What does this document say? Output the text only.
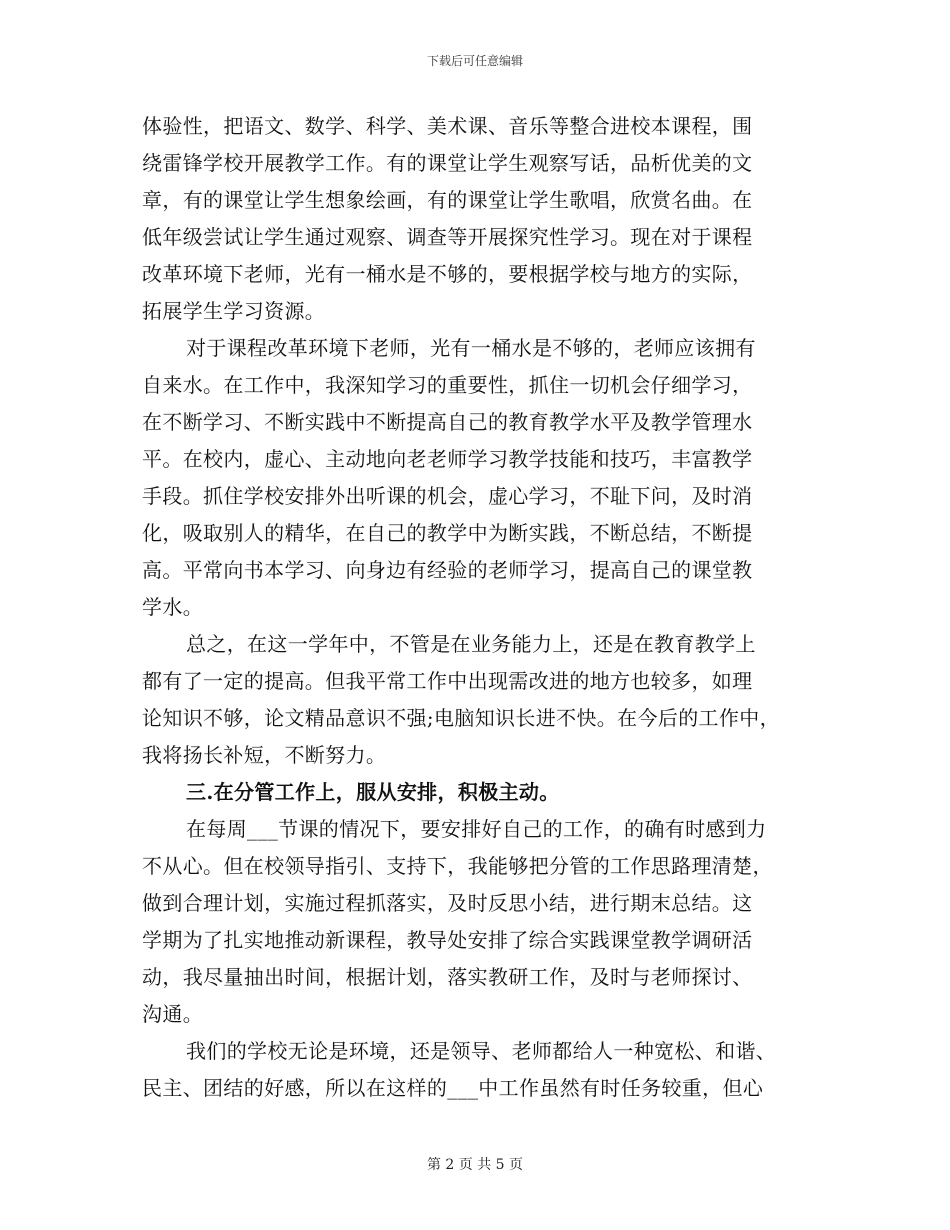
下载后可任意编辑
体验性，把语文、数学、科学、美术课、音乐等整合进校本课程，围
绕雷锋学校开展教学工作。有的课堂让学生观察写话，品析优美的文
章，有的课堂让学生想象绘画，有的课堂让学生歌唱，欣赏名曲。在
低年级尝试让学生通过观察、调查等开展探究性学习。现在对于课程
改革环境下老师，光有一桶水是不够的，要根据学校与地方的实际，
拓展学生学习资源。
对于课程改革环境下老师，光有一桶水是不够的，老师应该拥有
自来水。在工作中，我深知学习的重要性，抓住一切机会仔细学习，
在不断学习、不断实践中不断提高自己的教育教学水平及教学管理水
平。在校内，虚心、主动地向老老师学习教学技能和技巧，丰富教学
手段。抓住学校安排外出听课的机会，虚心学习，不耻下问，及时消
化，吸取别人的精华，在自己的教学中为断实践，不断总结，不断提
高。平常向书本学习、向身边有经验的老师学习，提高自己的课堂教
学水。
总之，在这一学年中，不管是在业务能力上，还是在教育教学上
都有了一定的提高。但我平常工作中出现需改进的地方也较多，如理
论知识不够，论文精品意识不强;电脑知识长进不快。在今后的工作中，
我将扬长补短，不断努力。
三.在分管工作上，服从安排，积极主动。
在每周___节课的情况下，要安排好自己的工作，的确有时感到力
不从心。但在校领导指引、支持下，我能够把分管的工作思路理清楚，
做到合理计划，实施过程抓落实，及时反思小结，进行期末总结。这
学期为了扎实地推动新课程，教导处安排了综合实践课堂教学调研活
动，我尽量抽出时间，根据计划，落实教研工作，及时与老师探讨、
沟通。
我们的学校无论是环境，还是领导、老师都给人一种宽松、和谐、
民主、团结的好感，所以在这样的___中工作虽然有时任务较重，但心
第 2 页 共 5 页
